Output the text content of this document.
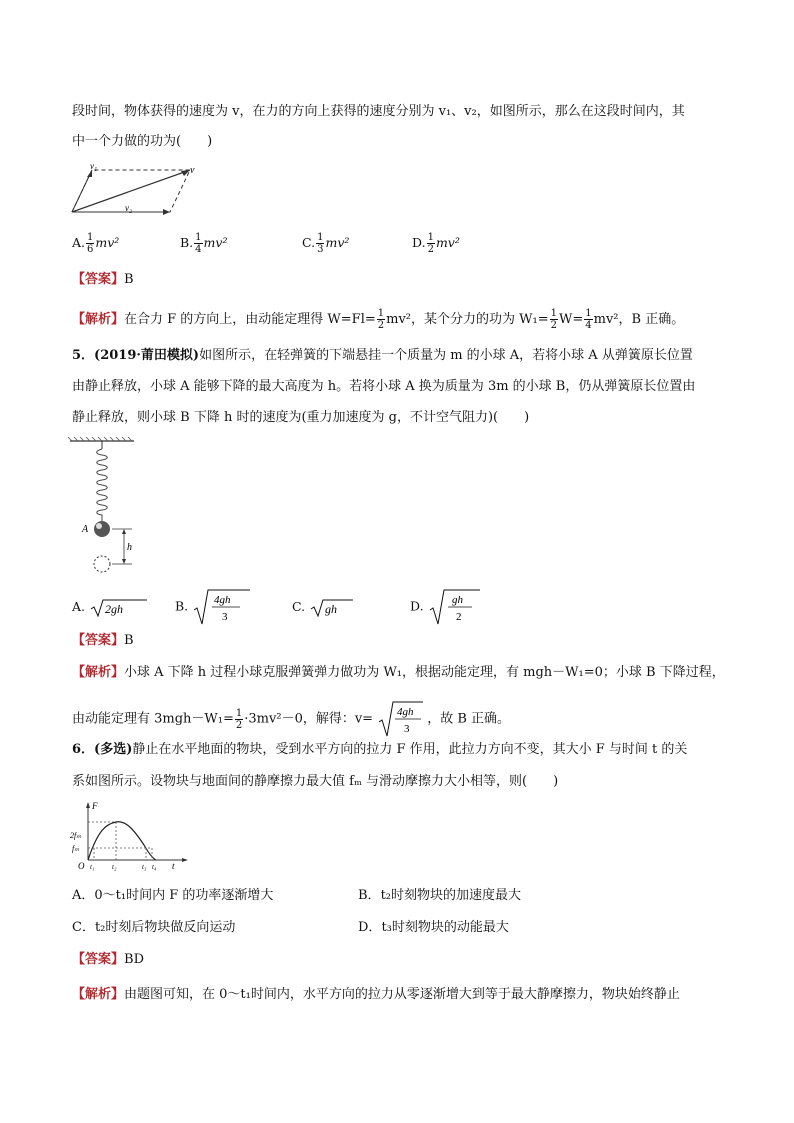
段时间，物体获得的速度为 v，在力的方向上获得的速度分别为 v₁、v₂，如图所示，那么在这段时间内，其
中一个力做的功为(　　)
v₁	v
v₂
A. $\frac{1}{6} mv^2$	B. $\frac{1}{4} mv^2$	C. $\frac{1}{3} mv^2$	D. $\frac{1}{2} mv^2$
【答案】B
【解析】在合力 F 的方向上，由动能定理得 $W=Fl= \frac{1}{2} mv^2$，某个分力的功为 $W_1= \frac{1}{2} W= \frac{1}{4} mv^2$，B 正确。
5．(2019·莆田模拟)如图所示，在轻弹簧的下端悬挂一个质量为 m 的小球 A，若将小球 A 从弹簧原长位置
由静止释放，小球 A 能够下降的最大高度为 h。若将小球 A 换为质量为 3m 的小球 B，仍从弹簧原长位置由
静止释放，则小球 B 下降 h 时的速度为(重力加速度为 g，不计空气阻力)(　　)
A
h
A. 2gh	B. 4gh
3
C. gh	D.	gh
2
【答案】B
【解析】小球 A 下降 h 过程小球克服弹簧弹力做功为 W₁，根据动能定理，有 mgh－W₁=0；小球 B 下降过程，
由动能定理有 $3mgh-W_1= \frac{1}{2} \cdot 3mv^2-0$，解得：v= 4gh
3
，故 B 正确。
6．(多选)静止在水平地面的物块，受到水平方向的拉力 F 作用，此拉力方向不变，其大小 F 与时间 t 的关
系如图所示。设物块与地面间的静摩擦力最大值 fₘ 与滑动摩擦力大小相等，则(　　)
F
2fₘ
fₘ
O t₁	t₂	t₃ t₄ t
A．0～t₁时间内 F 的功率逐渐增大	B．t₂时刻物块的加速度最大
C．t₂时刻后物块做反向运动	D．t₃时刻物块的动能最大
【答案】BD
【解析】由题图可知，在 0～t₁时间内，水平方向的拉力从零逐渐增大到等于最大静摩擦力，物块始终静止
